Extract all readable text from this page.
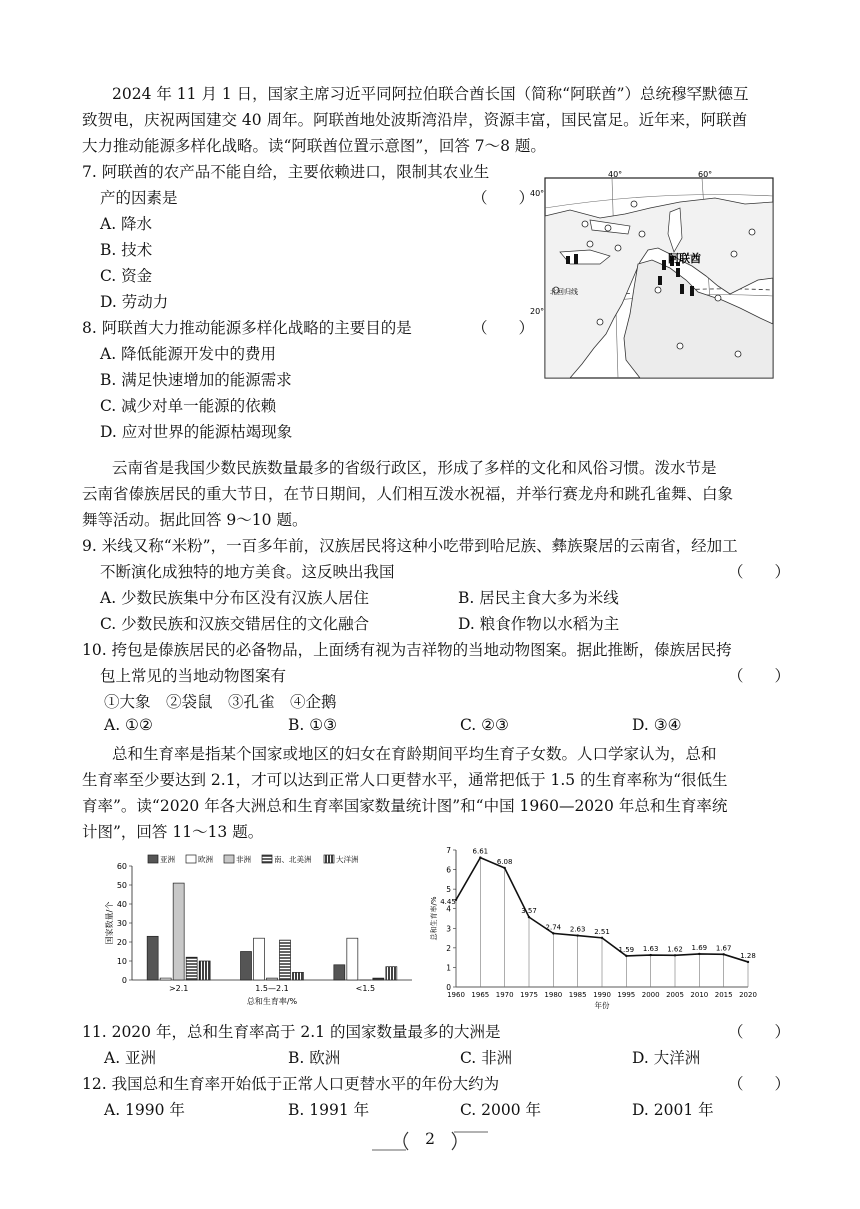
2024 年 11 月 1 日，国家主席习近平同阿拉伯联合酋长国（简称“阿联酋”）总统穆罕默德互
致贺电，庆祝两国建交 40 周年。阿联酋地处波斯湾沿岸，资源丰富，国民富足。近年来，阿联酋
大力推动能源多样化战略。读“阿联酋位置示意图”，回答 7～8 题。
7. 阿联酋的农产品不能自给，主要依赖进口，限制其农业生
产的因素是	（　　）
A. 降水
B. 技术
C. 资金
D. 劳动力
8. 阿联酋大力推动能源多样化战略的主要目的是	（　　）
A. 降低能源开发中的费用
B. 满足快速增加的能源需求
C. 减少对单一能源的依赖
D. 应对世界的能源枯竭现象
40°	60°
40°
20°
阿联酋
北回归线
云南省是我国少数民族数量最多的省级行政区，形成了多样的文化和风俗习惯。泼水节是
云南省傣族居民的重大节日，在节日期间，人们相互泼水祝福，并举行赛龙舟和跳孔雀舞、白象
舞等活动。据此回答 9～10 题。
9. 米线又称“米粉”，一百多年前，汉族居民将这种小吃带到哈尼族、彝族聚居的云南省，经加工
不断演化成独特的地方美食。这反映出我国	（　　）
A. 少数民族集中分布区没有汉族人居住	B. 居民主食大多为米线
C. 少数民族和汉族交错居住的文化融合	D. 粮食作物以水稻为主
10. 挎包是傣族居民的必备物品，上面绣有视为吉祥物的当地动物图案。据此推断，傣族居民挎
包上常见的当地动物图案有	（　　）
①大象　②袋鼠　③孔雀　④企鹅
A. ①②	B. ①③	C. ②③	D. ③④
总和生育率是指某个国家或地区的妇女在育龄期间平均生育子女数。人口学家认为，总和
生育率至少要达到 2.1，才可以达到正常人口更替水平，通常把低于 1.5 的生育率称为“很低生
育率”。读“2020 年各大洲总和生育率国家数量统计图”和“中国 1960—2020 年总和生育率统
计图”，回答 11～13 题。
0
10
20
30
40
50
60
国家数量/个
>2.1	1.5—2.1	<1.5
总和生育率/%
亚洲	欧洲	非洲	南、北美洲	大洋洲
0
1
2
3
4
5
6
7
总和生育率/% 4.45
6.61
6.08
3.57
2.74 2.63 2.51
1.59 1.63 1.62 1.69 1.67
1.28
1960 1965 1970 1975 1980 1985 1990 1995 2000 2005 2010 2015 2020
年份
11. 2020 年，总和生育率高于 2.1 的国家数量最多的大洲是	（　　）
A. 亚洲	B. 欧洲	C. 非洲	D. 大洋洲
12. 我国总和生育率开始低于正常人口更替水平的年份大约为	（　　）
A. 1990 年	B. 1991 年	C. 2000 年	D. 2001 年
2
